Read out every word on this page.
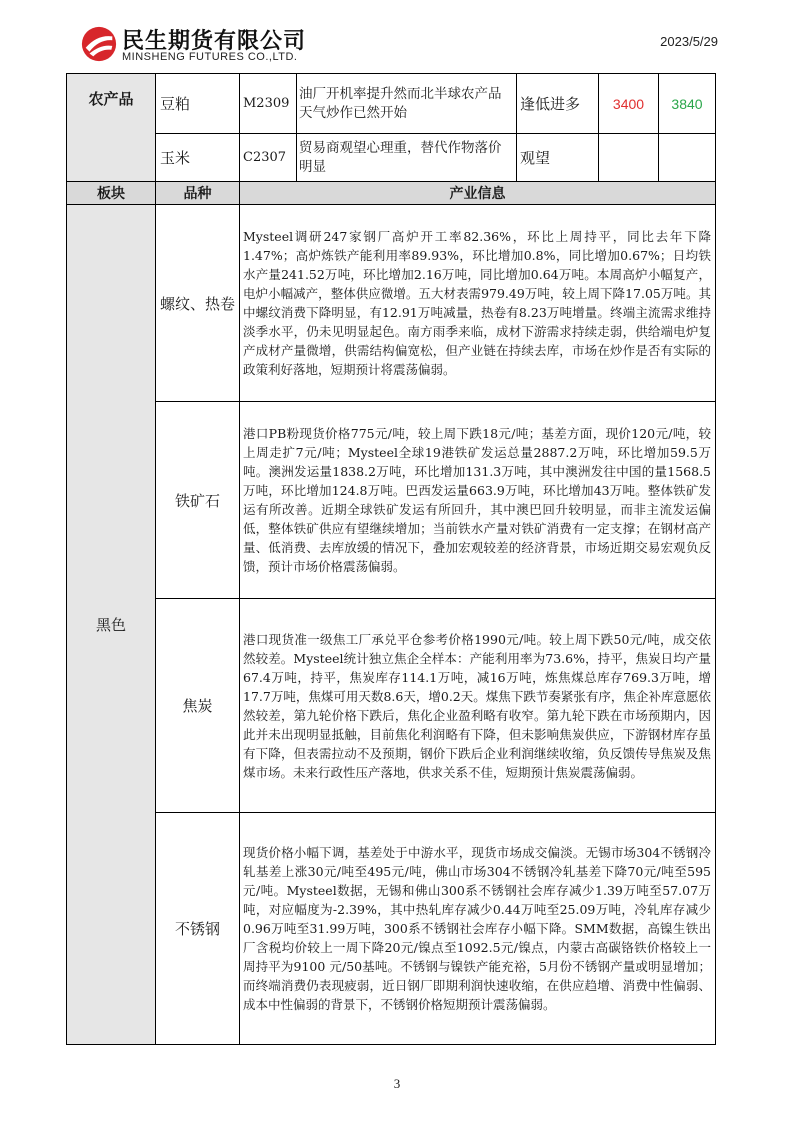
民生期货有限公司
MINSHENG FUTURES CO.,LTD.
2023/5/29
农产品	豆粕	M2309	油厂开机率提升然而北半球农产品天气炒作已然开始	逢低进多	3400	3840
	玉米	C2307	贸易商观望心理重，替代作物落价明显	观望		
板块	品种	产业信息				
黑色	螺纹、热卷	Mysteel调研247家钢厂高炉开工率82.36%，环比上周持平，同比去年下降1.47%；高炉炼铁产能利用率89.93%，环比增加0.8%，同比增加0.67%；日均铁水产量241.52万吨，环比增加2.16万吨，同比增加0.64万吨。本周高炉小幅复产，电炉小幅减产，整体供应微增。五大材表需979.49万吨，较上周下降17.05万吨。其中螺纹消费下降明显，有12.91万吨减量，热卷有8.23万吨增量。终端主流需求维持淡季水平，仍未见明显起色。南方雨季来临，成材下游需求持续走弱，供给端电炉复产成材产量微增，供需结构偏宽松，但产业链在持续去库，市场在炒作是否有实际的政策利好落地，短期预计将震荡偏弱。				
	铁矿石	港口PB粉现货价格775元/吨，较上周下跌18元/吨；基差方面，现价120元/吨，较上周走扩7元/吨；Mysteel全球19港铁矿发运总量2887.2万吨，环比增加59.5万吨。澳洲发运量1838.2万吨，环比增加131.3万吨，其中澳洲发往中国的量1568.5万吨，环比增加124.8万吨。巴西发运量663.9万吨，环比增加43万吨。整体铁矿发运有所改善。近期全球铁矿发运有所回升，其中澳巴回升较明显，而非主流发运偏低，整体铁矿供应有望继续增加；当前铁水产量对铁矿消费有一定支撑；在钢材高产量、低消费、去库放缓的情况下，叠加宏观较差的经济背景，市场近期交易宏观负反馈，预计市场价格震荡偏弱。				
	焦炭	港口现货准一级焦工厂承兑平仓参考价格1990元/吨。较上周下跌50元/吨，成交依然较差。Mysteel统计独立焦企全样本：产能利用率为73.6%，持平，焦炭日均产量67.4万吨，持平，焦炭库存114.1万吨，减16万吨，炼焦煤总库存769.3万吨，增17.7万吨，焦煤可用天数8.6天，增0.2天。煤焦下跌节奏紧张有序，焦企补库意愿依然较差，第九轮价格下跌后，焦化企业盈利略有收窄。第九轮下跌在市场预期内，因此并未出现明显抵触，目前焦化利润略有下降，但未影响焦炭供应，下游钢材库存虽有下降，但表需拉动不及预期，钢价下跌后企业利润继续收缩，负反馈传导焦炭及焦煤市场。未来行政性压产落地，供求关系不佳，短期预计焦炭震荡偏弱。				
	不锈钢	现货价格小幅下调，基差处于中游水平，现货市场成交偏淡。无锡市场304不锈钢冷轧基差上涨30元/吨至495元/吨，佛山市场304不锈钢冷轧基差下降70元/吨至595元/吨。Mysteel数据，无锡和佛山300系不锈钢社会库存减少1.39万吨至57.07万吨，对应幅度为-2.39%，其中热轧库存减少0.44万吨至25.09万吨，冷轧库存减少0.96万吨至31.99万吨，300系不锈钢社会库存小幅下降。SMM数据，高镍生铁出厂含税均价较上一周下降20元/镍点至1092.5元/镍点，内蒙古高碳铬铁价格较上一周持平为9100 元/50基吨。不锈钢与镍铁产能充裕，5月份不锈钢产量或明显增加；而终端消费仍表现疲弱，近日钢厂即期利润快速收缩，在供应趋增、消费中性偏弱、成本中性偏弱的背景下，不锈钢价格短期预计震荡偏弱。				
3
